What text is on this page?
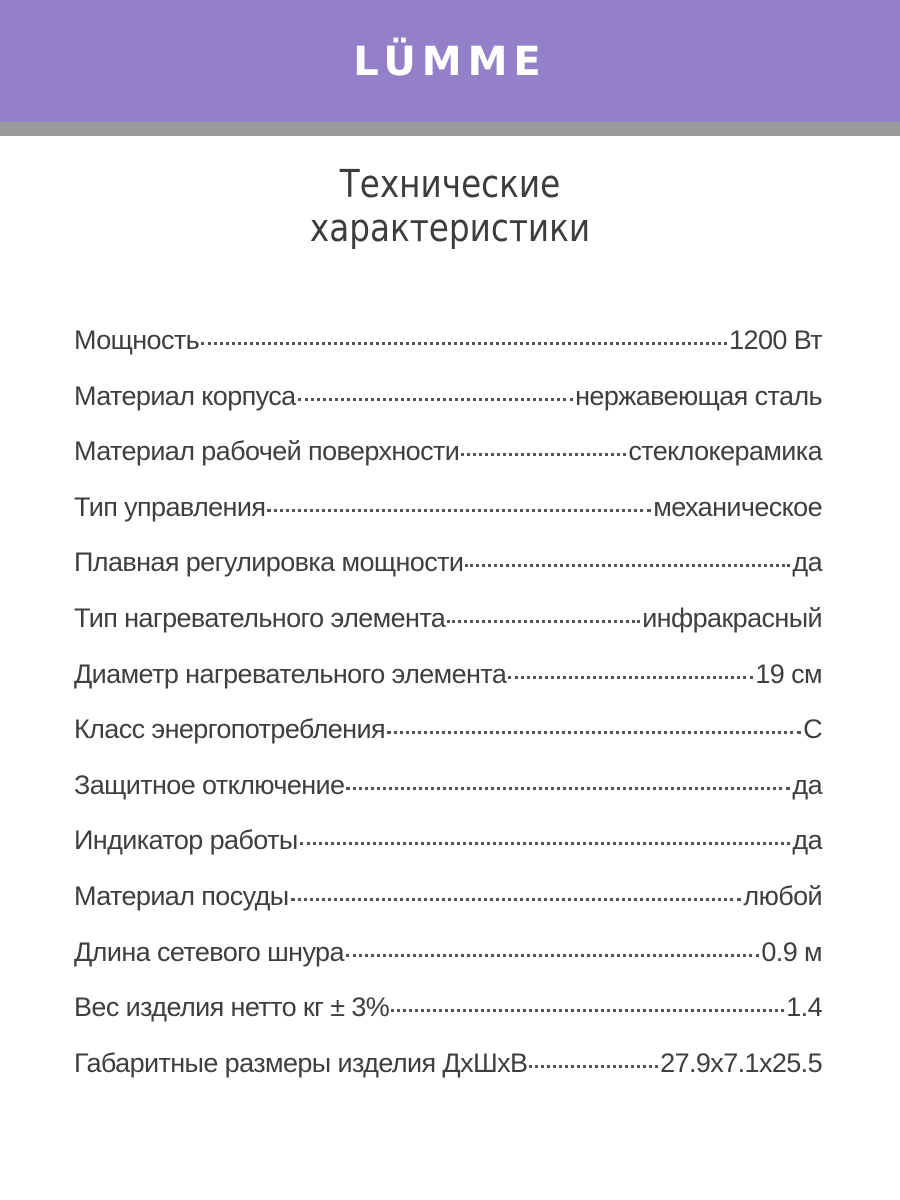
LÜMME
Технические
характеристики
Мощность	1200 Вт
Материал корпуса	нержавеющая сталь
Материал рабочей поверхности	стеклокерамика
Тип управления	механическое
Плавная регулировка мощности	да
Тип нагревательного элемента	инфракрасный
Диаметр нагревательного элемента	19 см
Класс энергопотребления	С
Защитное отключение	да
Индикатор работы	да
Материал посуды	любой
Длина сетевого шнура	0.9 м
Вес изделия нетто кг ± 3%	1.4
Габаритные размеры изделия ДхШхВ	27.9х7.1х25.5
